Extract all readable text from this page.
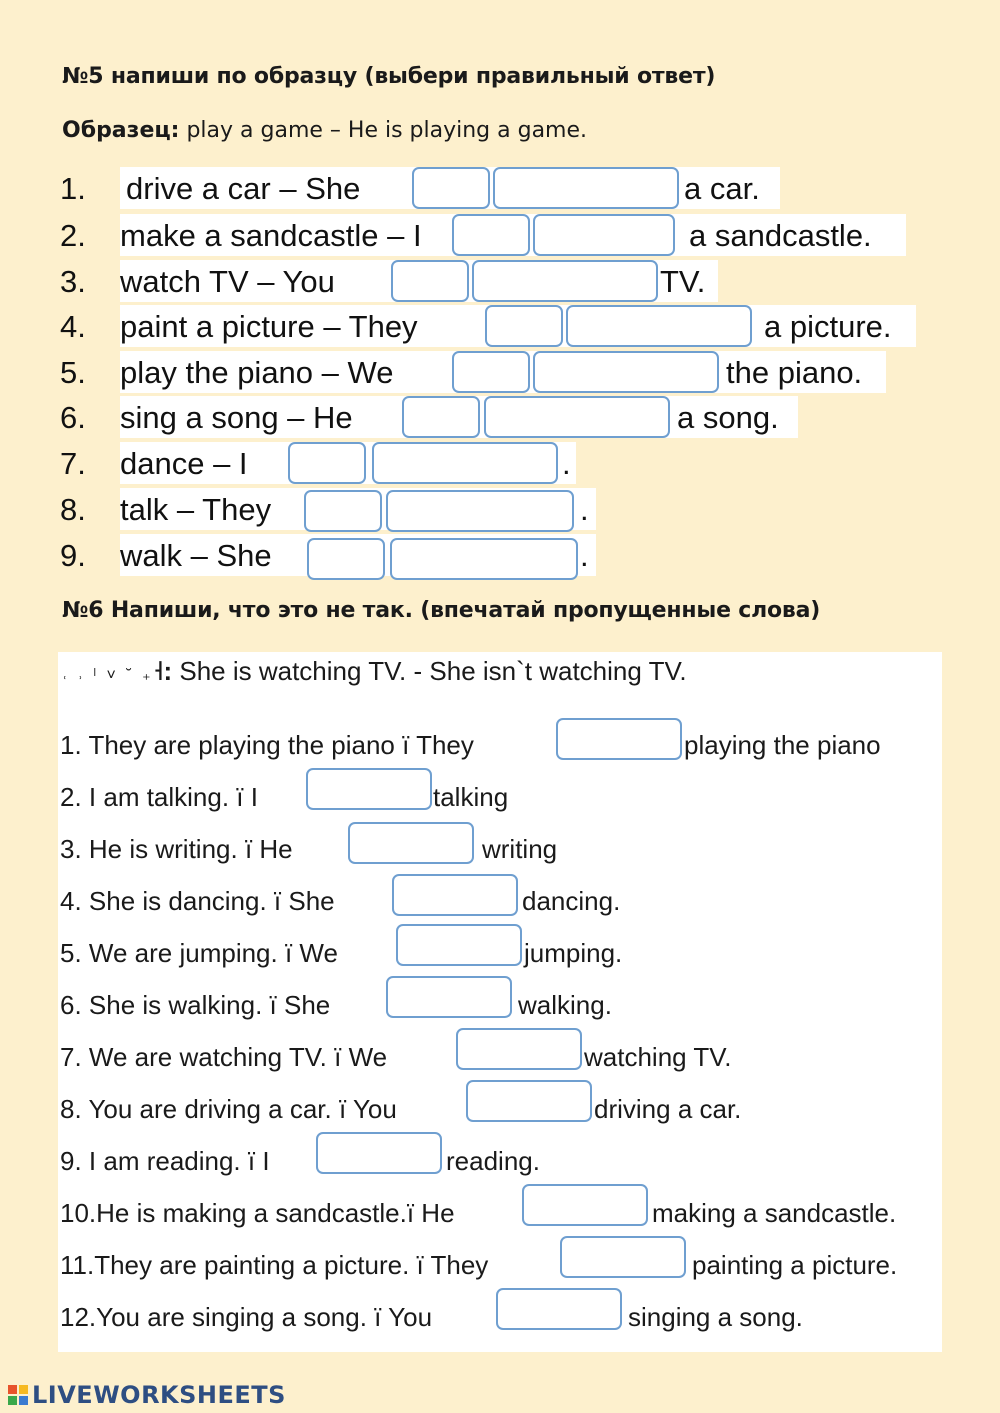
№5 напиши по образцу (выбери правильный ответ)
Образец: play a game – He is playing a game.
1. drive a car – She	a car.
2. make a sandcastle – I	a sandcastle.
3. watch TV – You	TV.
4. paint a picture – They	a picture.
5. play the piano – We	the piano.
6. sing a song – He	a song.
7. dance – I	.
8. talk – They	.
9. walk – She	.
№6 Напиши, что это не так. (впечатай пропущенные слова)
˓ ˒ ˡ ˅ ˘ ₊˧: She is watching TV. - She isn`t watching TV.
1. They are playing the piano ï They	playing the piano
2. I am talking. ï I	talking
3. He is writing. ï He	writing
4. She is dancing. ï She	dancing.
5. We are jumping. ï We	jumping.
6. She is walking. ï She	walking.
7. We are watching TV. ï We	watching TV.
8. You are driving a car. ï You	driving a car.
9. I am reading. ï I	reading.
10.He is making a sandcastle.ï He	making a sandcastle.
11.They are painting a picture. ï They	painting a picture.
12.You are singing a song. ï You	singing a song.
LIVEWORKSHEETS
